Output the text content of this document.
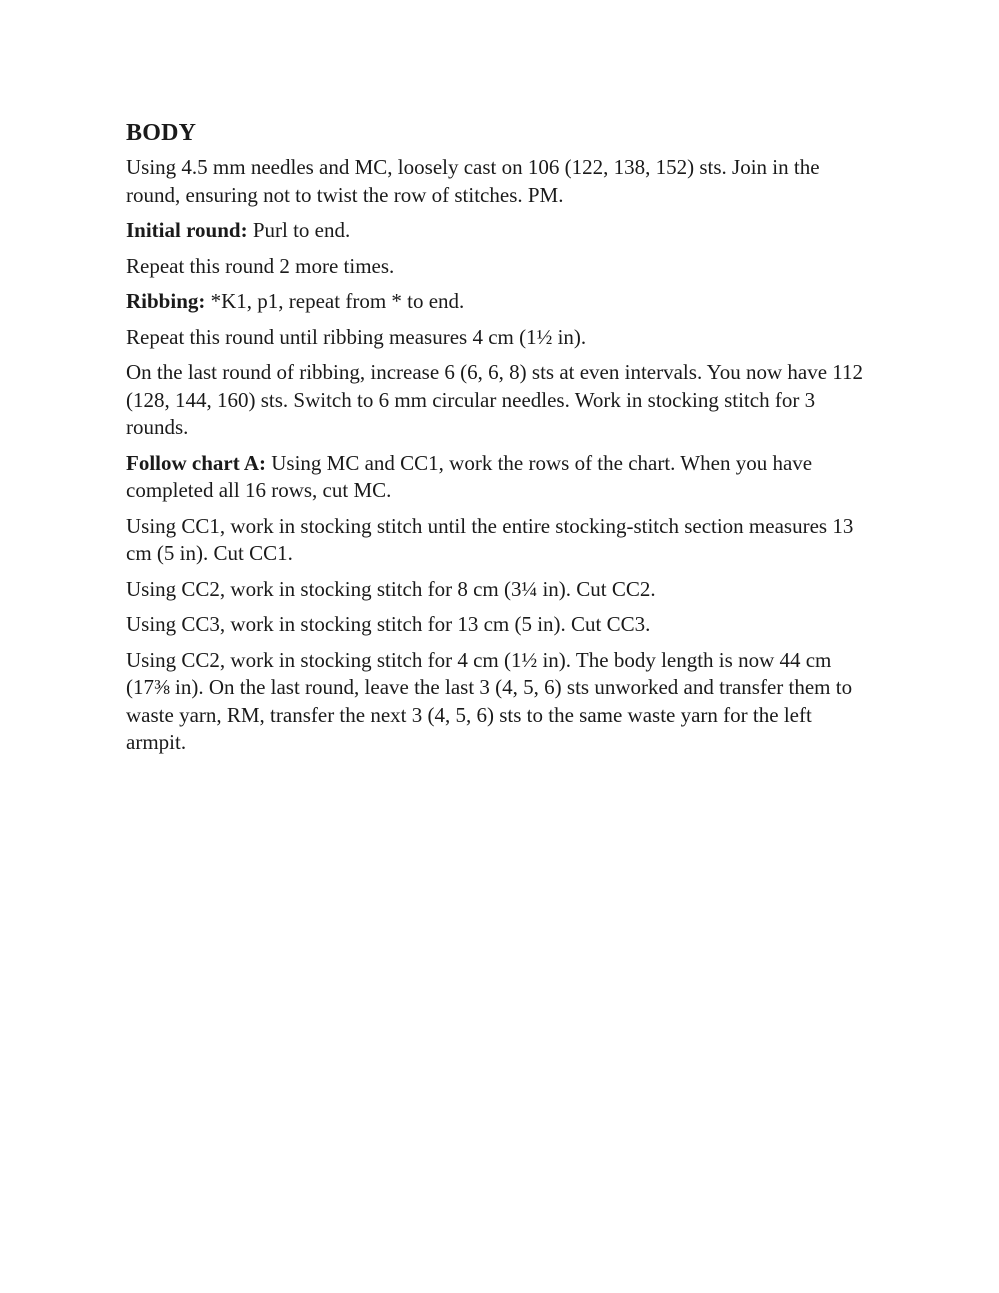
BODY

Using 4.5 mm needles and MC, loosely cast on 106 (122, 138, 152) sts. Join in the round, ensuring not to twist the row of stitches. PM.

Initial round: Purl to end.

Repeat this round 2 more times.

Ribbing: *K1, p1, repeat from * to end.

Repeat this round until ribbing measures 4 cm (1½ in).

On the last round of ribbing, increase 6 (6, 6, 8) sts at even intervals. You now have 112 (128, 144, 160) sts. Switch to 6 mm circular needles. Work in stocking stitch for 3 rounds.

Follow chart A: Using MC and CC1, work the rows of the chart. When you have completed all 16 rows, cut MC.

Using CC1, work in stocking stitch until the entire stocking-stitch section measures 13 cm (5 in). Cut CC1.

Using CC2, work in stocking stitch for 8 cm (3¼ in). Cut CC2.

Using CC3, work in stocking stitch for 13 cm (5 in). Cut CC3.

Using CC2, work in stocking stitch for 4 cm (1½ in). The body length is now 44 cm (17⅜ in). On the last round, leave the last 3 (4, 5, 6) sts unworked and transfer them to waste yarn, RM, transfer the next 3 (4, 5, 6) sts to the same waste yarn for the left armpit.
